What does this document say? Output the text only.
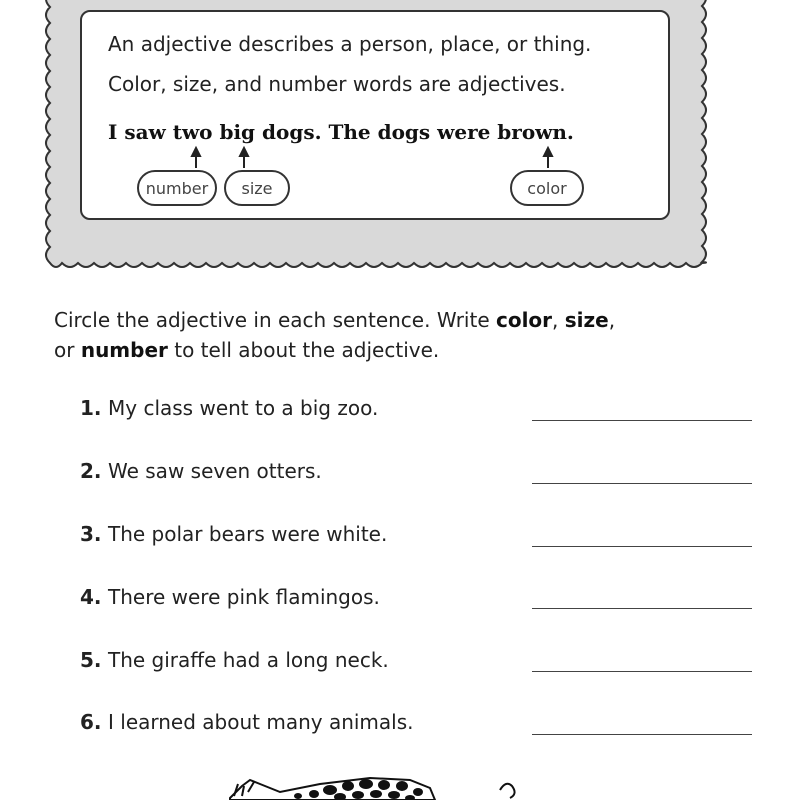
An adjective describes a person, place, or thing.

Color, size, and number words are adjectives.

I saw two big dogs. The dogs were brown.

number	size	color
Circle the adjective in each sentence. Write color, size,
or number to tell about the adjective.
1. My class went to a big zoo.
2. We saw seven otters.
3. The polar bears were white.
4. There were pink flamingos.
5. The giraffe had a long neck.
6. I learned about many animals.
